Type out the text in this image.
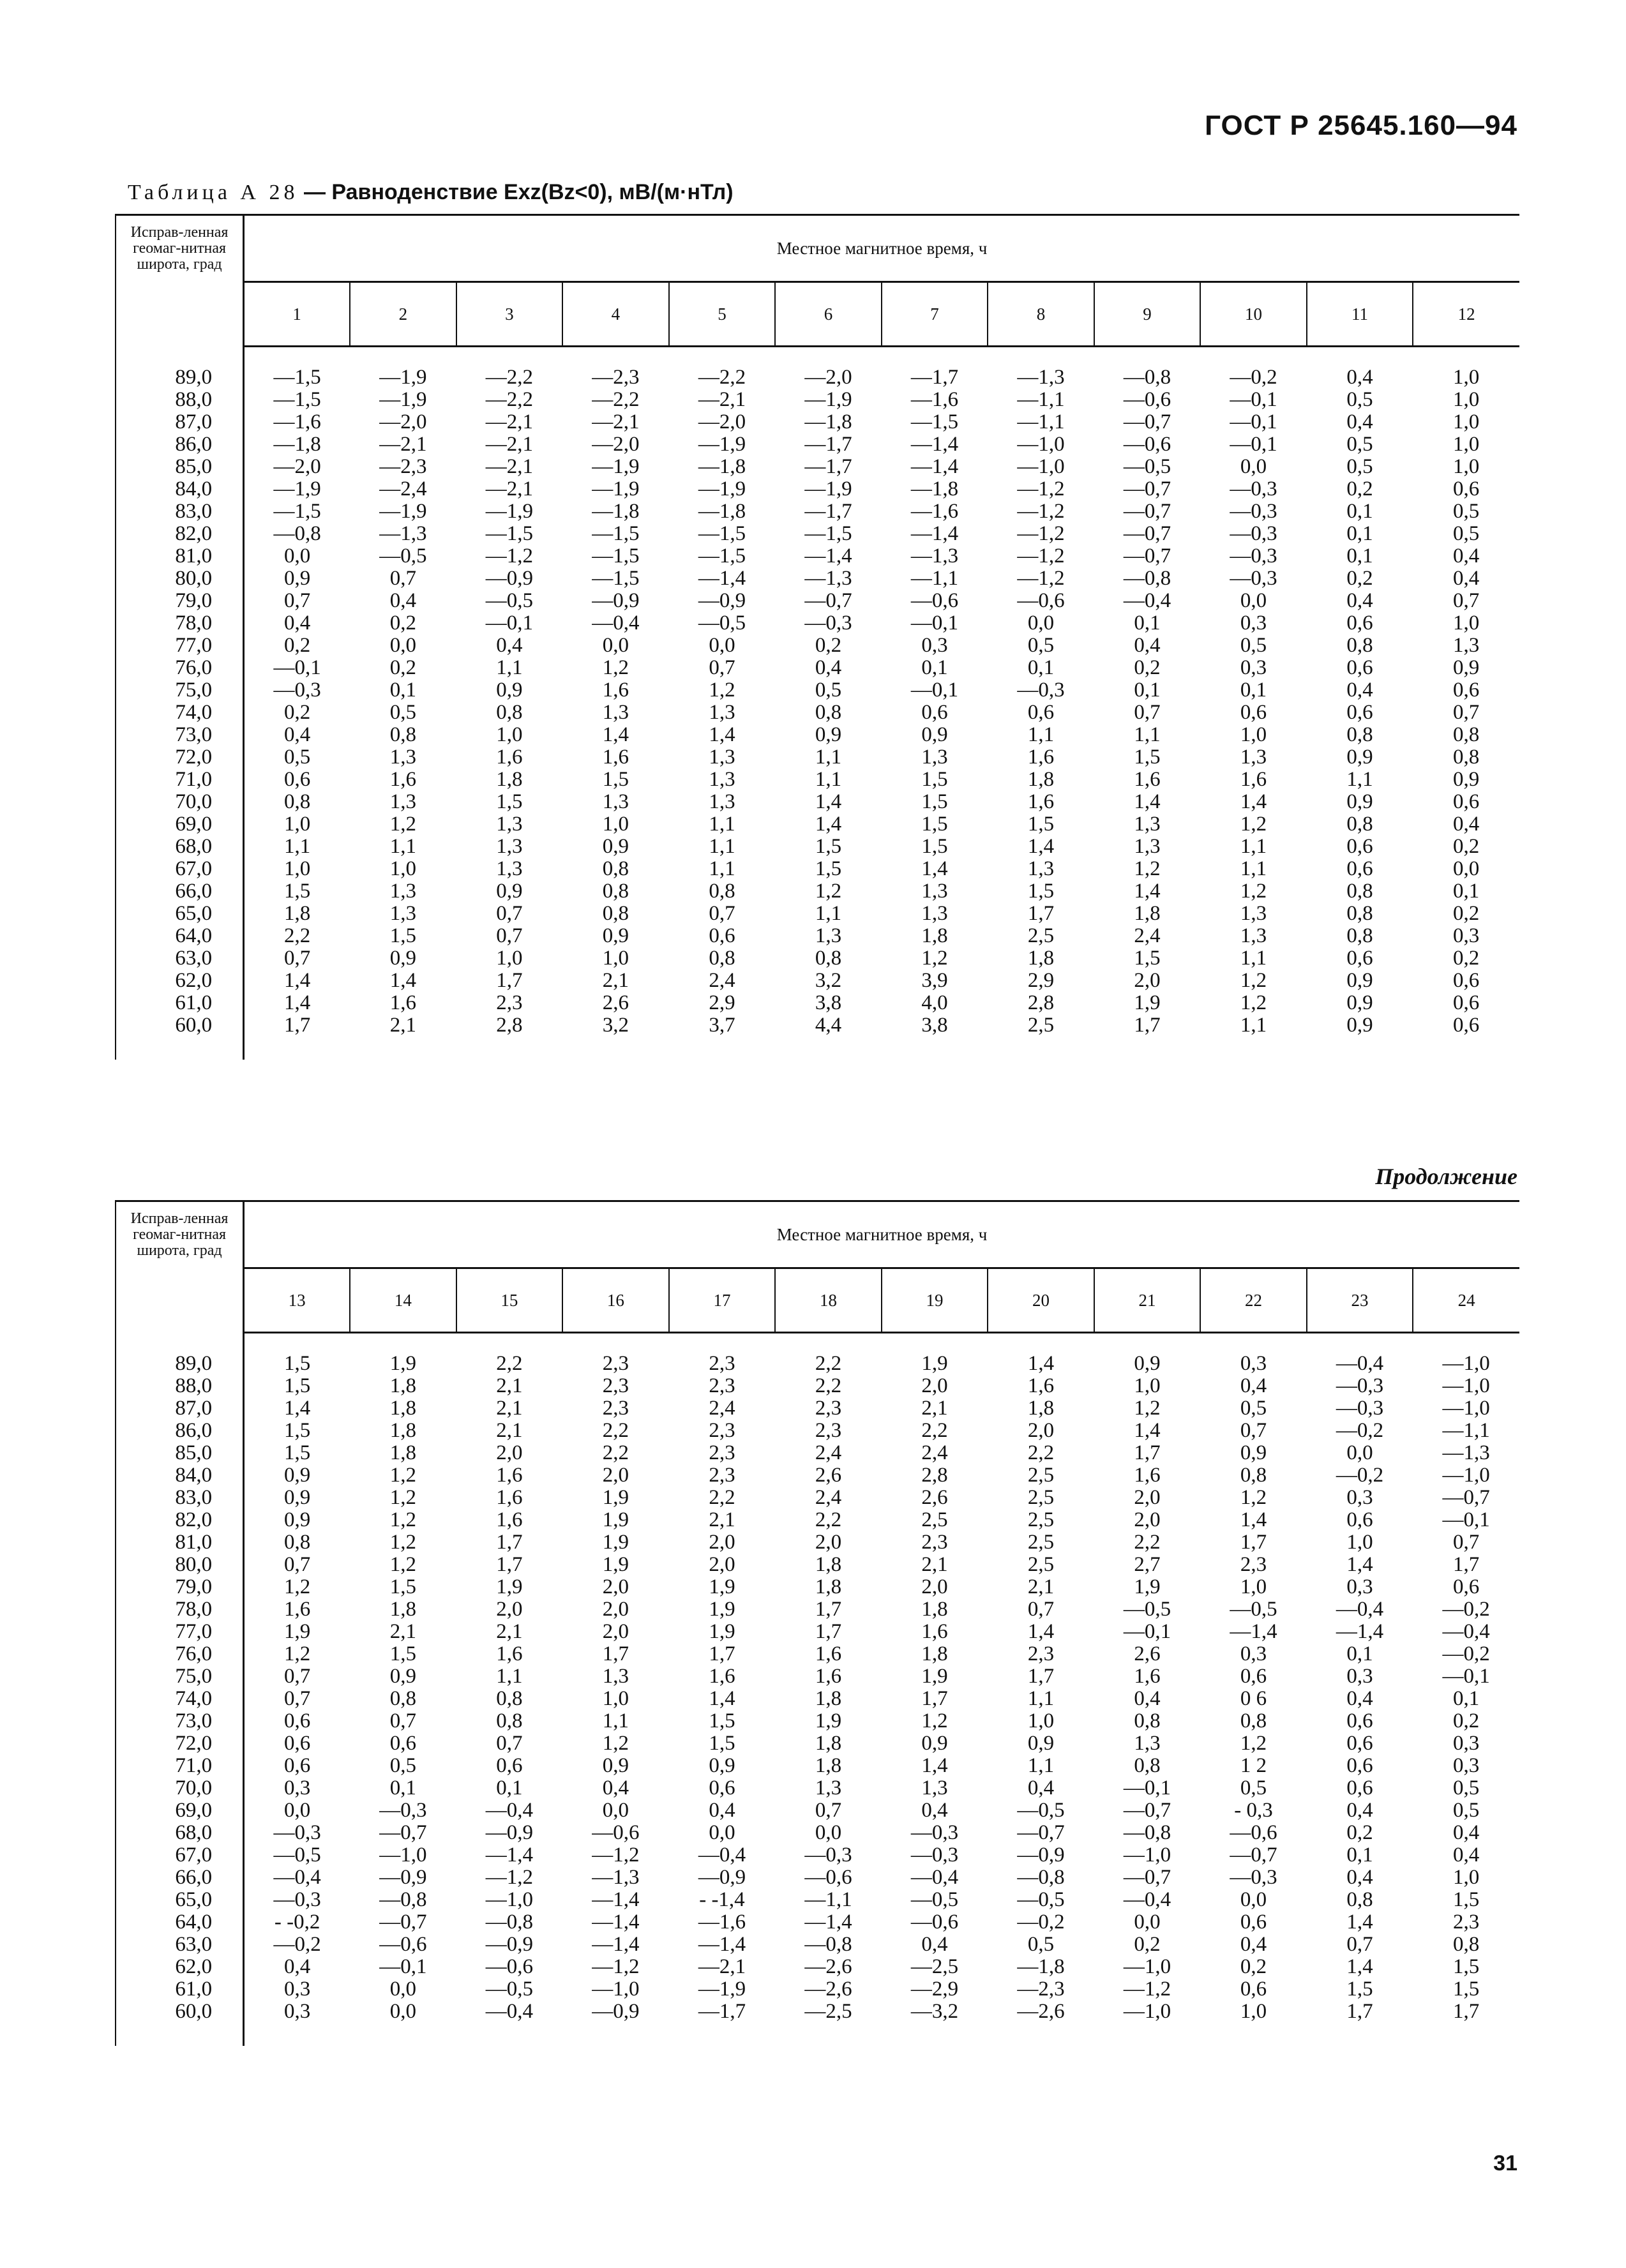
ГОСТ Р 25645.160—94
Таблица А 28 — Равноденствие Exz(Bz<0), мВ/(м·нТл)
Исправ-ленная геомаг-нитная широта, град	Местное магнитное время, ч											
	1	2	3	4	5	6	7	8	9	10	11	12

89,0	—1,5	—1,9	—2,2	—2,3	—2,2	—2,0	—1,7	—1,3	—0,8	—0,2	0,4	1,0
88,0	—1,5	—1,9	—2,2	—2,2	—2,1	—1,9	—1,6	—1,1	—0,6	—0,1	0,5	1,0
87,0	—1,6	—2,0	—2,1	—2,1	—2,0	—1,8	—1,5	—1,1	—0,7	—0,1	0,4	1,0
86,0	—1,8	—2,1	—2,1	—2,0	—1,9	—1,7	—1,4	—1,0	—0,6	—0,1	0,5	1,0
85,0	—2,0	—2,3	—2,1	—1,9	—1,8	—1,7	—1,4	—1,0	—0,5	0,0	0,5	1,0
84,0	—1,9	—2,4	—2,1	—1,9	—1,9	—1,9	—1,8	—1,2	—0,7	—0,3	0,2	0,6
83,0	—1,5	—1,9	—1,9	—1,8	—1,8	—1,7	—1,6	—1,2	—0,7	—0,3	0,1	0,5
82,0	—0,8	—1,3	—1,5	—1,5	—1,5	—1,5	—1,4	—1,2	—0,7	—0,3	0,1	0,5
81,0	0,0	—0,5	—1,2	—1,5	—1,5	—1,4	—1,3	—1,2	—0,7	—0,3	0,1	0,4
80,0	0,9	0,7	—0,9	—1,5	—1,4	—1,3	—1,1	—1,2	—0,8	—0,3	0,2	0,4
79,0	0,7	0,4	—0,5	—0,9	—0,9	—0,7	—0,6	—0,6	—0,4	0,0	0,4	0,7
78,0	0,4	0,2	—0,1	—0,4	—0,5	—0,3	—0,1	0,0	0,1	0,3	0,6	1,0
77,0	0,2	0,0	0,4	0,0	0,0	0,2	0,3	0,5	0,4	0,5	0,8	1,3
76,0	—0,1	0,2	1,1	1,2	0,7	0,4	0,1	0,1	0,2	0,3	0,6	0,9
75,0	—0,3	0,1	0,9	1,6	1,2	0,5	—0,1	—0,3	0,1	0,1	0,4	0,6
74,0	0,2	0,5	0,8	1,3	1,3	0,8	0,6	0,6	0,7	0,6	0,6	0,7
73,0	0,4	0,8	1,0	1,4	1,4	0,9	0,9	1,1	1,1	1,0	0,8	0,8
72,0	0,5	1,3	1,6	1,6	1,3	1,1	1,3	1,6	1,5	1,3	0,9	0,8
71,0	0,6	1,6	1,8	1,5	1,3	1,1	1,5	1,8	1,6	1,6	1,1	0,9
70,0	0,8	1,3	1,5	1,3	1,3	1,4	1,5	1,6	1,4	1,4	0,9	0,6
69,0	1,0	1,2	1,3	1,0	1,1	1,4	1,5	1,5	1,3	1,2	0,8	0,4
68,0	1,1	1,1	1,3	0,9	1,1	1,5	1,5	1,4	1,3	1,1	0,6	0,2
67,0	1,0	1,0	1,3	0,8	1,1	1,5	1,4	1,3	1,2	1,1	0,6	0,0
66,0	1,5	1,3	0,9	0,8	0,8	1,2	1,3	1,5	1,4	1,2	0,8	0,1
65,0	1,8	1,3	0,7	0,8	0,7	1,1	1,3	1,7	1,8	1,3	0,8	0,2
64,0	2,2	1,5	0,7	0,9	0,6	1,3	1,8	2,5	2,4	1,3	0,8	0,3
63,0	0,7	0,9	1,0	1,0	0,8	0,8	1,2	1,8	1,5	1,1	0,6	0,2
62,0	1,4	1,4	1,7	2,1	2,4	3,2	3,9	2,9	2,0	1,2	0,9	0,6
61,0	1,4	1,6	2,3	2,6	2,9	3,8	4,0	2,8	1,9	1,2	0,9	0,6
60,0	1,7	2,1	2,8	3,2	3,7	4,4	3,8	2,5	1,7	1,1	0,9	0,6

Продолжение
Исправ-ленная геомаг-нитная широта, град	Местное магнитное время, ч											
	13	14	15	16	17	18	19	20	21	22	23	24

89,0	1,5	1,9	2,2	2,3	2,3	2,2	1,9	1,4	0,9	0,3	—0,4	—1,0
88,0	1,5	1,8	2,1	2,3	2,3	2,2	2,0	1,6	1,0	0,4	—0,3	—1,0
87,0	1,4	1,8	2,1	2,3	2,4	2,3	2,1	1,8	1,2	0,5	—0,3	—1,0
86,0	1,5	1,8	2,1	2,2	2,3	2,3	2,2	2,0	1,4	0,7	—0,2	—1,1
85,0	1,5	1,8	2,0	2,2	2,3	2,4	2,4	2,2	1,7	0,9	0,0	—1,3
84,0	0,9	1,2	1,6	2,0	2,3	2,6	2,8	2,5	1,6	0,8	—0,2	—1,0
83,0	0,9	1,2	1,6	1,9	2,2	2,4	2,6	2,5	2,0	1,2	0,3	—0,7
82,0	0,9	1,2	1,6	1,9	2,1	2,2	2,5	2,5	2,0	1,4	0,6	—0,1
81,0	0,8	1,2	1,7	1,9	2,0	2,0	2,3	2,5	2,2	1,7	1,0	0,7
80,0	0,7	1,2	1,7	1,9	2,0	1,8	2,1	2,5	2,7	2,3	1,4	1,7
79,0	1,2	1,5	1,9	2,0	1,9	1,8	2,0	2,1	1,9	1,0	0,3	0,6
78,0	1,6	1,8	2,0	2,0	1,9	1,7	1,8	0,7	—0,5	—0,5	—0,4	—0,2
77,0	1,9	2,1	2,1	2,0	1,9	1,7	1,6	1,4	—0,1	—1,4	—1,4	—0,4
76,0	1,2	1,5	1,6	1,7	1,7	1,6	1,8	2,3	2,6	0,3	0,1	—0,2
75,0	0,7	0,9	1,1	1,3	1,6	1,6	1,9	1,7	1,6	0,6	0,3	—0,1
74,0	0,7	0,8	0,8	1,0	1,4	1,8	1,7	1,1	0,4	0 6	0,4	0,1
73,0	0,6	0,7	0,8	1,1	1,5	1,9	1,2	1,0	0,8	0,8	0,6	0,2
72,0	0,6	0,6	0,7	1,2	1,5	1,8	0,9	0,9	1,3	1,2	0,6	0,3
71,0	0,6	0,5	0,6	0,9	0,9	1,8	1,4	1,1	0,8	1 2	0,6	0,3
70,0	0,3	0,1	0,1	0,4	0,6	1,3	1,3	0,4	—0,1	0,5	0,6	0,5
69,0	0,0	—0,3	—0,4	0,0	0,4	0,7	0,4	—0,5	—0,7	- 0,3	0,4	0,5
68,0	—0,3	—0,7	—0,9	—0,6	0,0	0,0	—0,3	—0,7	—0,8	—0,6	0,2	0,4
67,0	—0,5	—1,0	—1,4	—1,2	—0,4	—0,3	—0,3	—0,9	—1,0	—0,7	0,1	0,4
66,0	—0,4	—0,9	—1,2	—1,3	—0,9	—0,6	—0,4	—0,8	—0,7	—0,3	0,4	1,0
65,0	—0,3	—0,8	—1,0	—1,4	- -1,4	—1,1	—0,5	—0,5	—0,4	0,0	0,8	1,5
64,0	- -0,2	—0,7	—0,8	—1,4	—1,6	—1,4	—0,6	—0,2	0,0	0,6	1,4	2,3
63,0	—0,2	—0,6	—0,9	—1,4	—1,4	—0,8	0,4	0,5	0,2	0,4	0,7	0,8
62,0	0,4	—0,1	—0,6	—1,2	—2,1	—2,6	—2,5	—1,8	—1,0	0,2	1,4	1,5
61,0	0,3	0,0	—0,5	—1,0	—1,9	—2,6	—2,9	—2,3	—1,2	0,6	1,5	1,5
60,0	0,3	0,0	—0,4	—0,9	—1,7	—2,5	—3,2	—2,6	—1,0	1,0	1,7	1,7

31
